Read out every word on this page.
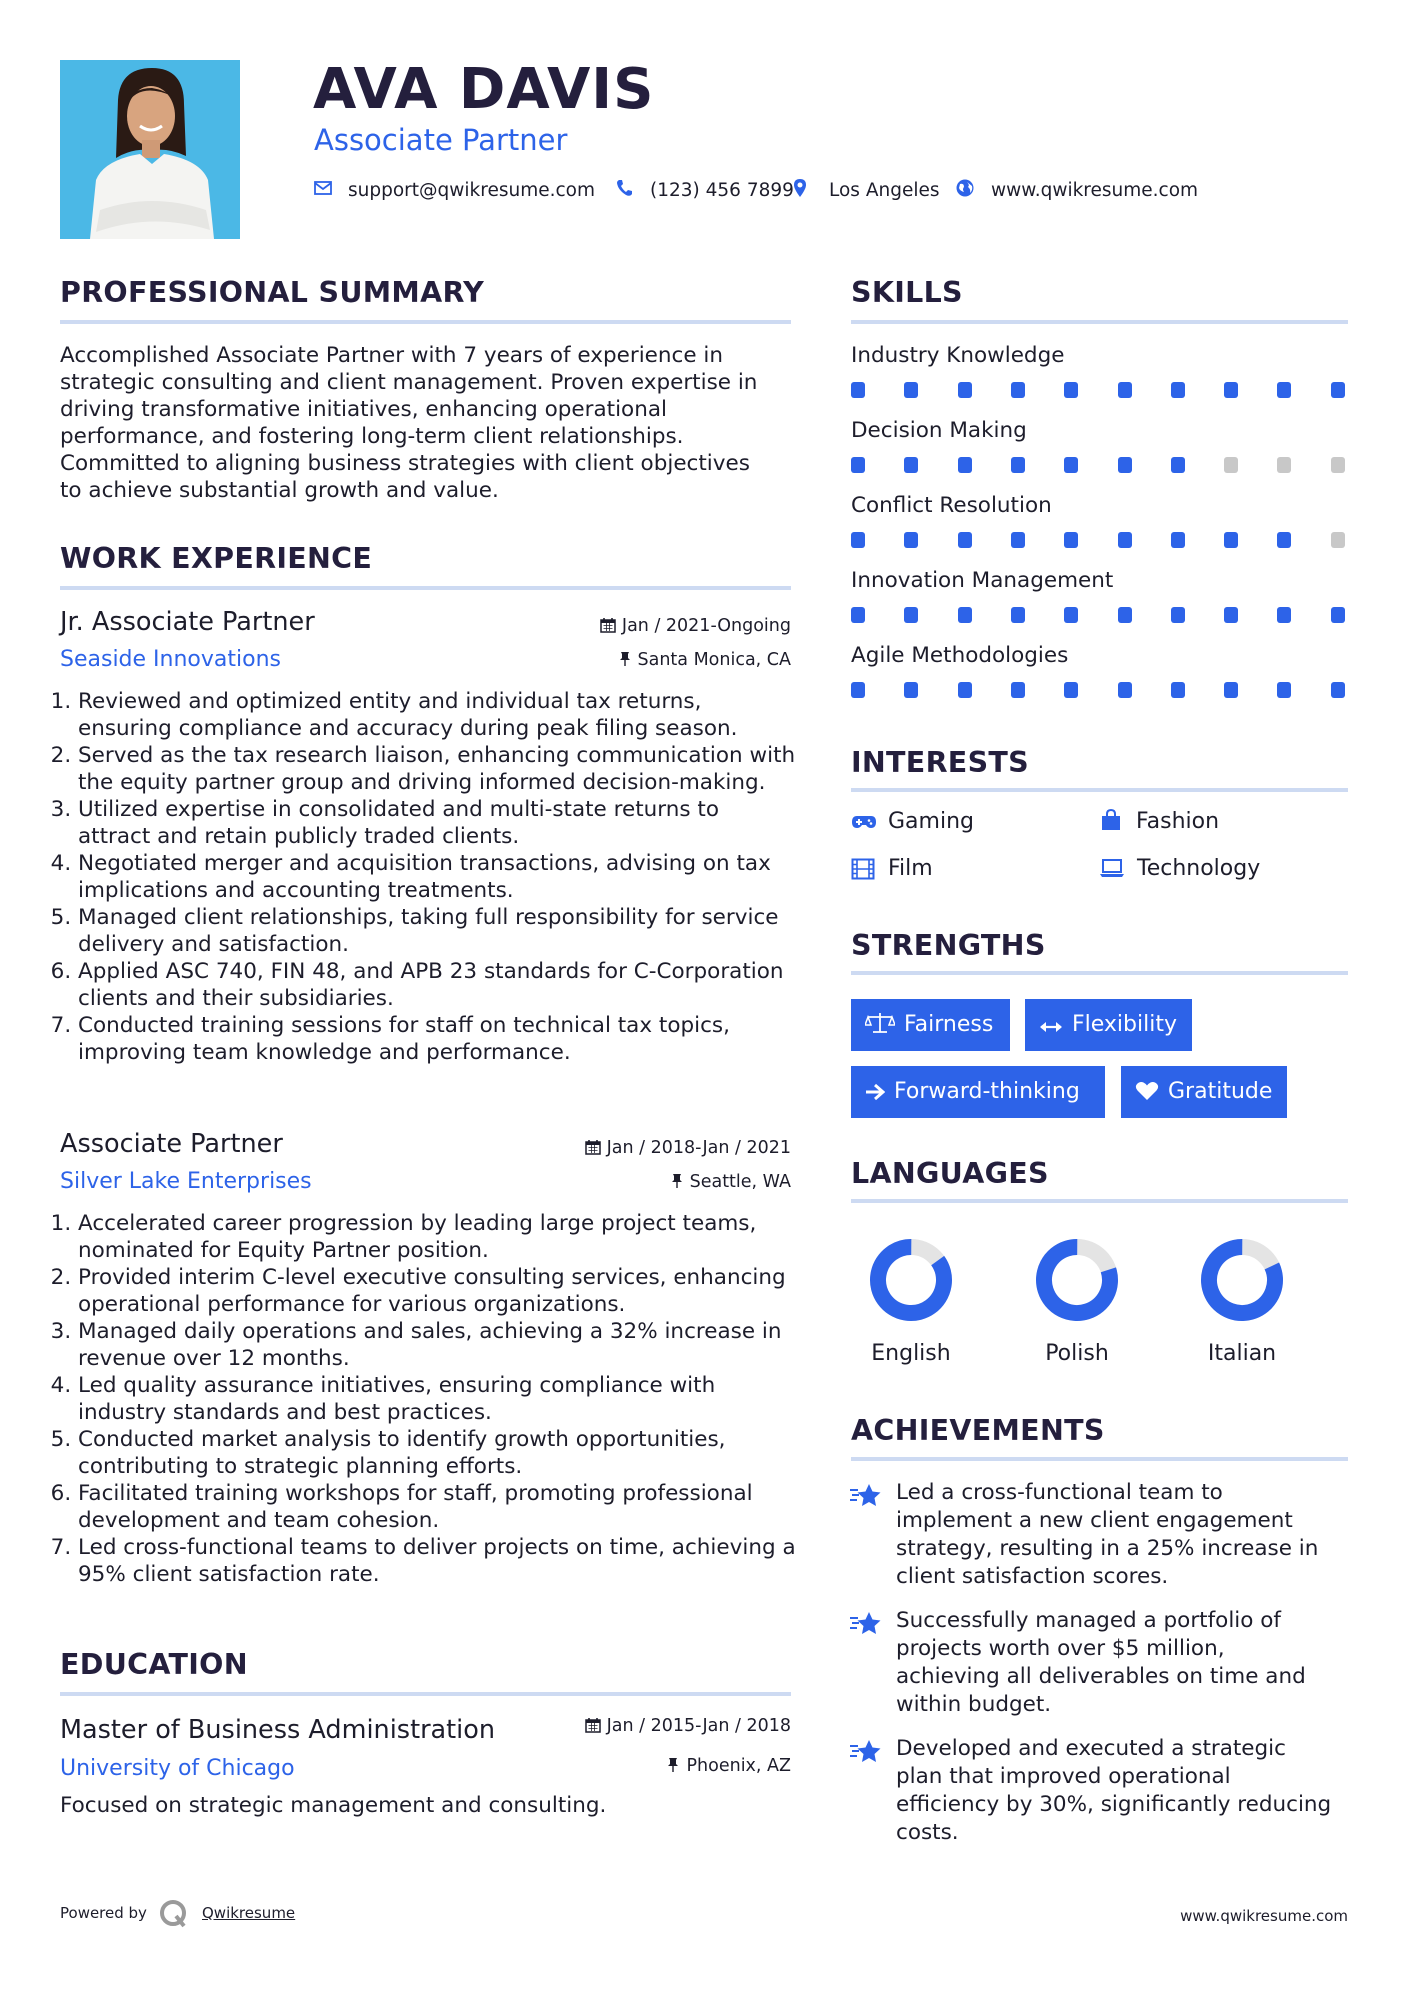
AVA DAVIS
Associate Partner
support@qwikresume.com	(123) 456 7899 Los Angeles	www.qwikresume.com
PROFESSIONAL SUMMARY
Accomplished Associate Partner with 7 years of experience in
strategic consulting and client management. Proven expertise in
driving transformative initiatives, enhancing operational
performance, and fostering long-term client relationships.
Committed to aligning business strategies with client objectives
to achieve substantial growth and value.
WORK EXPERIENCE
Jr. Associate Partner	Jan / 2021-Ongoing
Seaside Innovations	Santa Monica, CA
1. Reviewed and optimized entity and individual tax returns, ensuring compliance and accuracy during peak filing season.
2. Served as the tax research liaison, enhancing communication with the equity partner group and driving informed decision-making.
3. Utilized expertise in consolidated and multi-state returns to attract and retain publicly traded clients.
4. Negotiated merger and acquisition transactions, advising on tax implications and accounting treatments.
5. Managed client relationships, taking full responsibility for service delivery and satisfaction.
6. Applied ASC 740, FIN 48, and APB 23 standards for C-Corporation clients and their subsidiaries.
7. Conducted training sessions for staff on technical tax topics, improving team knowledge and performance.
Associate Partner	Jan / 2018-Jan / 2021
Silver Lake Enterprises	Seattle, WA
1. Accelerated career progression by leading large project teams, nominated for Equity Partner position.
2. Provided interim C-level executive consulting services, enhancing operational performance for various organizations.
3. Managed daily operations and sales, achieving a 32% increase in revenue over 12 months.
4. Led quality assurance initiatives, ensuring compliance with industry standards and best practices.
5. Conducted market analysis to identify growth opportunities, contributing to strategic planning efforts.
6. Facilitated training workshops for staff, promoting professional development and team cohesion.
7. Led cross-functional teams to deliver projects on time, achieving a 95% client satisfaction rate.
EDUCATION
Master of Business Administration	Jan / 2015-Jan / 2018
University of Chicago	Phoenix, AZ
Focused on strategic management and consulting.
SKILLS
Industry Knowledge
Decision Making
Conflict Resolution
Innovation Management
Agile Methodologies
INTERESTS
Gaming	Fashion
Film	Technology
STRENGTHS
Fairness	Flexibility
Forward-thinking	Gratitude
LANGUAGES
English	Polish	Italian
ACHIEVEMENTS
Led a cross-functional team to
implement a new client engagement
strategy, resulting in a 25% increase in
client satisfaction scores.
Successfully managed a portfolio of
projects worth over $5 million,
achieving all deliverables on time and
within budget.
Developed and executed a strategic
plan that improved operational
efficiency by 30%, significantly reducing
costs.
Powered by	Qwikresume	www.qwikresume.com
